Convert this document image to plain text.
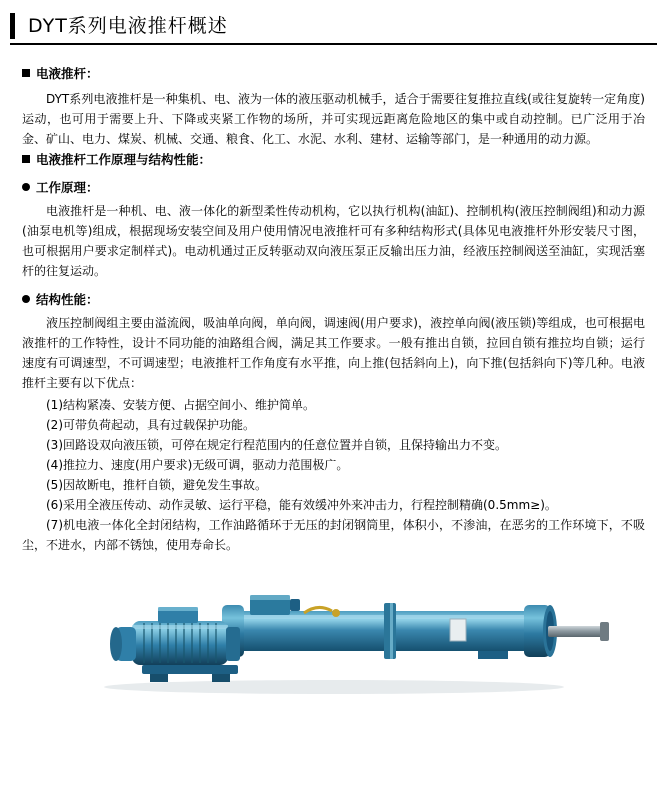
DYT系列电液推杆概述
电液推杆：

DYT系列电液推杆是一种集机、电、液为一体的液压驱动机械手，适合于需要往复推拉直线(或往复旋转一定角度)运动，也可用于需要上升、下降或夹紧工作物的场所，并可实现远距离危险地区的集中或自动控制。已广泛用于冶金、矿山、电力、煤炭、机械、交通、粮食、化工、水泥、水利、建材、运输等部门，是一种通用的动力源。

电液推杆工作原理与结构性能：
工作原理：

电液推杆是一种机、电、液一体化的新型柔性传动机构，它以执行机构(油缸)、控制机构(液压控制阀组)和动力源(油泵电机等)组成，根据现场安装空间及用户使用情况电液推杆可有多种结构形式(具体见电液推杆外形安装尺寸图，也可根据用户要求定制样式)。电动机通过正反转驱动双向液压泵正反输出压力油，经液压控制阀送至油缸，实现活塞杆的往复运动。

结构性能：

液压控制阀组主要由溢流阀，吸油单向阀，单向阀，调速阀(用户要求)，液控单向阀(液压锁)等组成，也可根据电液推杆的工作特性，设计不同功能的油路组合阀，满足其工作要求。一般有推出自锁，拉回自锁有推拉均自锁；运行速度有可调速型，不可调速型；电液推杆工作角度有水平推，向上推(包括斜向上)，向下推(包括斜向下)等几种。电液推杆主要有以下优点：

(1)结构紧凑、安装方便、占据空间小、维护简单。
(2)可带负荷起动，具有过载保护功能。
(3)回路设双向液压锁，可停在规定行程范围内的任意位置并自锁，且保持输出力不变。
(4)推拉力、速度(用户要求)无级可调，驱动力范围极广。
(5)因故断电，推杆自锁，避免发生事故。
(6)采用全液压传动、动作灵敏、运行平稳，能有效缓冲外来冲击力，行程控制精确(0.5mm≥)。
(7)机电液一体化全封闭结构，工作油路循环于无压的封闭钢筒里，体积小，不渗油，在恶劣的工作环境下，不吸尘，不进水，内部不锈蚀，使用寿命长。
